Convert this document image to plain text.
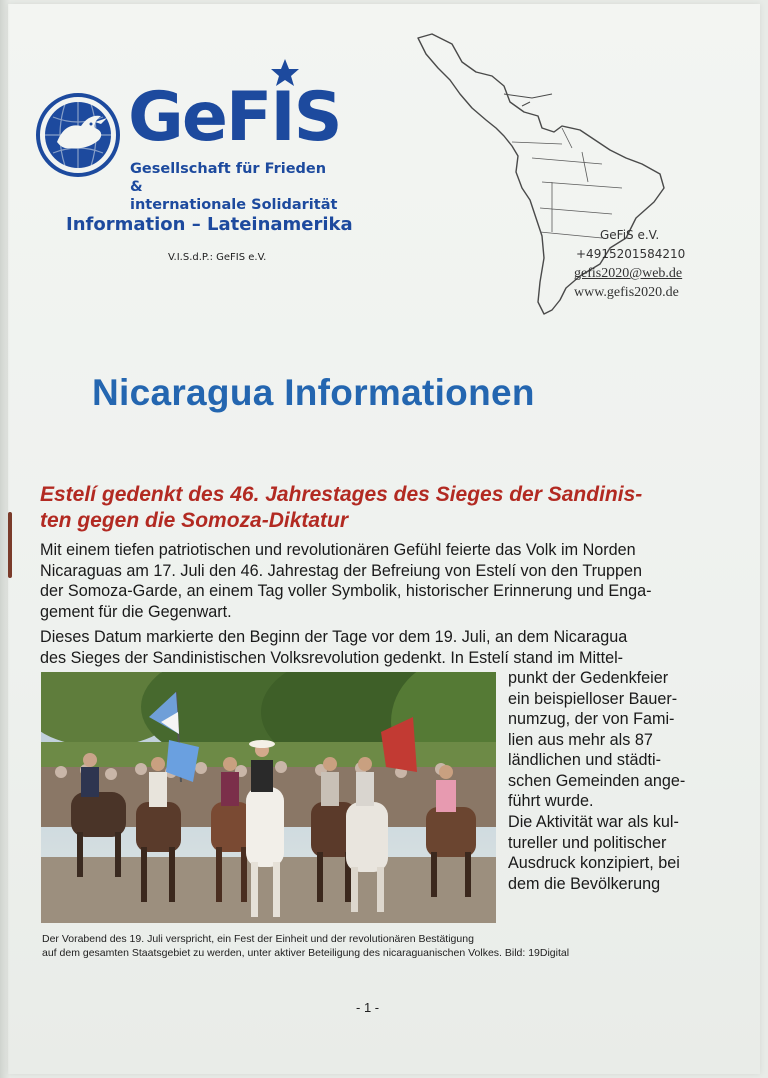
GeFIS
Gesellschaft für Frieden &
internationale Solidarität
Information – Lateinamerika
V.I.S.d.P.: GeFIS e.V.
GeFiS e.V.
+4915201584210
gefis2020@web.de
www.gefis2020.de
Nicaragua Informationen
Estelí gedenkt des 46. Jahrestages des Sieges der Sandinis-
ten gegen die Somoza-Diktatur
Mit einem tiefen patriotischen und revolutionären Gefühl feierte das Volk im Norden
Nicaraguas am 17. Juli den 46. Jahrestag der Befreiung von Estelí von den Truppen
der Somoza-Garde, an einem Tag voller Symbolik, historischer Erinnerung und Enga-
gement für die Gegenwart.
Dieses Datum markierte den Beginn der Tage vor dem 19. Juli, an dem Nicaragua
des Sieges der Sandinistischen Volksrevolution gedenkt. In Estelí stand im Mittel-
punkt der Gedenkfeier
ein beispielloser Bauer-
numzug, der von Fami-
lien aus mehr als 87
ländlichen und städti-
schen Gemeinden ange-
führt wurde.
Die Aktivität war als kul-
tureller und politischer
Ausdruck konzipiert, bei
dem die Bevölkerung
Der Vorabend des 19. Juli verspricht, ein Fest der Einheit und der revolutionären Bestätigung
auf dem gesamten Staatsgebiet zu werden, unter aktiver Beteiligung des nicaraguanischen Volkes. Bild: 19Digital
- 1 -
